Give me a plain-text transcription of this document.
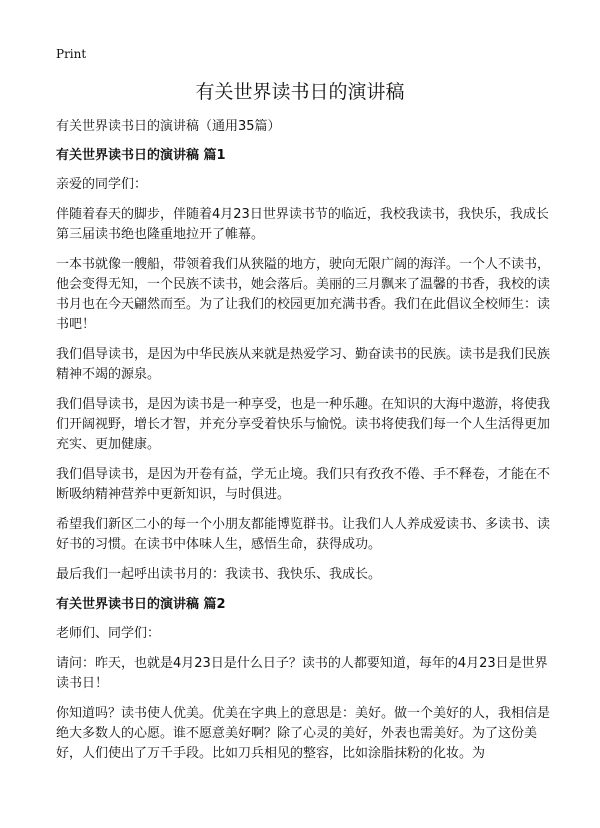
Print
有关世界读书日的演讲稿

有关世界读书日的演讲稿（通用35篇）

有关世界读书日的演讲稿 篇1

亲爱的同学们：

伴随着春天的脚步，伴随着4月23日世界读书节的临近，我校我读书，我快乐，我成长第三届读书绝也隆重地拉开了帷幕。

一本书就像一艘船，带领着我们从狭隘的地方，驶向无限广阔的海洋。一个人不读书，他会变得无知，一个民族不读书，她会落后。美丽的三月飘来了温馨的书香，我校的读书月也在今天翩然而至。为了让我们的校园更加充满书香。我们在此倡议全校师生：读书吧！

我们倡导读书，是因为中华民族从来就是热爱学习、勤奋读书的民族。读书是我们民族精神不竭的源泉。

我们倡导读书，是因为读书是一种享受，也是一种乐趣。在知识的大海中遨游，将使我们开阔视野，增长才智，并充分享受着快乐与愉悦。读书将使我们每一个人生活得更加充实、更加健康。

我们倡导读书，是因为开卷有益，学无止境。我们只有孜孜不倦、手不释卷，才能在不断吸纳精神营养中更新知识，与时俱进。

希望我们新区二小的每一个小朋友都能博览群书。让我们人人养成爱读书、多读书、读好书的习惯。在读书中体味人生，感悟生命，获得成功。

最后我们一起呼出读书月的：我读书、我快乐、我成长。

有关世界读书日的演讲稿 篇2

老师们、同学们：

请问：昨天，也就是4月23日是什么日子？读书的人都要知道，每年的4月23日是世界读书日！

你知道吗？读书使人优美。优美在字典上的意思是：美好。做一个美好的人，我相信是绝大多数人的心愿。谁不愿意美好啊？除了心灵的美好，外表也需美好。为了这份美好，人们使出了万千手段。比如刀兵相见的整容，比如涂脂抹粉的化妆。为
